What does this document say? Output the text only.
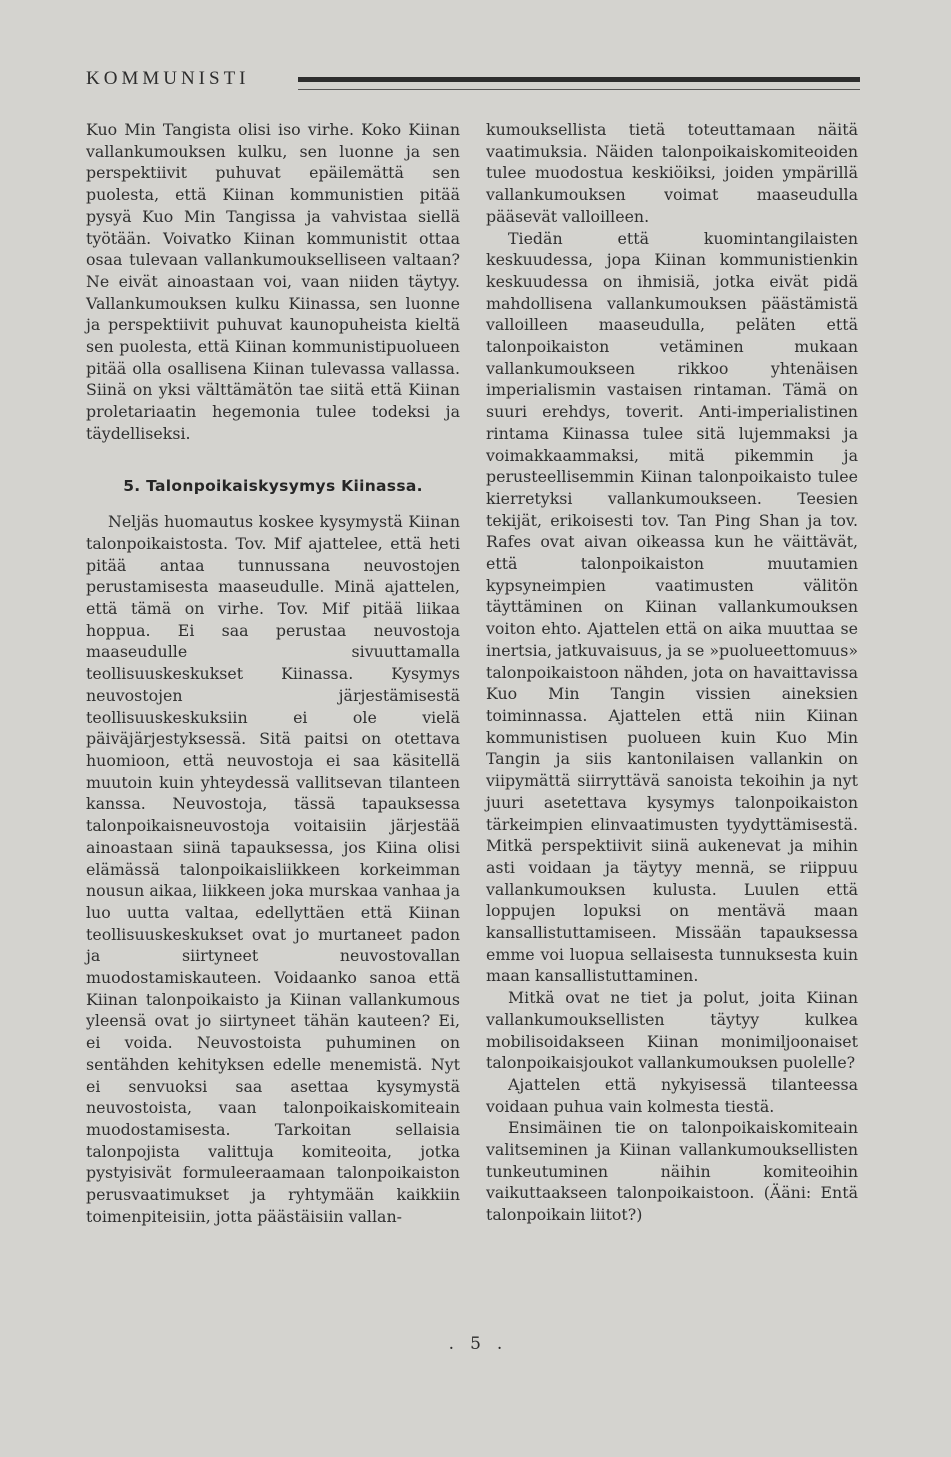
KOMMUNISTI

Kuo Min Tangista olisi iso virhe. Koko Kiinan vallankumouksen kulku, sen luonne ja sen perspektiivit puhuvat epäilemättä sen puolesta, että Kiinan kommunistien pitää pysyä Kuo Min Tangissa ja vahvistaa siellä työtään. Voivatko Kiinan kommunistit ottaa osaa tulevaan vallankumoukselliseen valtaan? Ne eivät ainoastaan voi, vaan niiden täytyy. Vallankumouksen kulku Kiinassa, sen luonne ja perspektiivit puhuvat kaunopuheista kieltä sen puolesta, että Kiinan kommunistipuolueen pitää olla osallisena Kiinan tulevassa vallassa. Siinä on yksi välttämätön tae siitä että Kiinan proletariaatin hegemonia tulee todeksi ja täydelliseksi.

5. Talonpoikaiskysymys Kiinassa.

Neljäs huomautus koskee kysymystä Kiinan talonpoikaistosta. Tov. Mif ajattelee, että heti pitää antaa tunnussana neuvostojen perustamisesta maaseudulle. Minä ajattelen, että tämä on virhe. Tov. Mif pitää liikaa hoppua. Ei saa perustaa neuvostoja maaseudulle sivuuttamalla teollisuuskeskukset Kiinassa. Kysymys neuvostojen järjestämisestä teollisuuskeskuksiin ei ole vielä päiväjärjestyksessä. Sitä paitsi on otettava huomioon, että neuvostoja ei saa käsitellä muutoin kuin yhteydessä vallitsevan tilanteen kanssa. Neuvostoja, tässä tapauksessa talonpoikaisneuvostoja voitaisiin järjestää ainoastaan siinä tapauksessa, jos Kiina olisi elämässä talonpoikaisliikkeen korkeimman nousun aikaa, liikkeen joka murskaa vanhaa ja luo uutta valtaa, edellyttäen että Kiinan teollisuuskeskukset ovat jo murtaneet padon ja siirtyneet neuvostovallan muodostamiskauteen. Voidaanko sanoa että Kiinan talonpoikaisto ja Kiinan vallankumous yleensä ovat jo siirtyneet tähän kauteen? Ei, ei voida. Neuvostoista puhuminen on sentähden kehityksen edelle menemistä. Nyt ei senvuoksi saa asettaa kysymystä neuvostoista, vaan talonpoikaiskomiteain muodostamisesta. Tarkoitan sellaisia talonpojista valittuja komiteoita, jotka pystyisivät formuleeraamaan talonpoikaiston perusvaatimukset ja ryhtymään kaikkiin toimenpiteisiin, jotta päästäisiin vallan-

kumouksellista tietä toteuttamaan näitä vaatimuksia. Näiden talonpoikaiskomiteoiden tulee muodostua keskiöiksi, joiden ympärillä vallankumouksen voimat maaseudulla pääsevät valloilleen.

Tiedän että kuomintangilaisten keskuudessa, jopa Kiinan kommunistienkin keskuudessa on ihmisiä, jotka eivät pidä mahdollisena vallankumouksen päästämistä valloilleen maaseudulla, peläten että talonpoikaiston vetäminen mukaan vallankumoukseen rikkoo yhtenäisen imperialismin vastaisen rintaman. Tämä on suuri erehdys, toverit. Anti-imperialistinen rintama Kiinassa tulee sitä lujemmaksi ja voimakkaammaksi, mitä pikemmin ja perusteellisemmin Kiinan talonpoikaisto tulee kierretyksi vallankumoukseen. Teesien tekijät, erikoisesti tov. Tan Ping Shan ja tov. Rafes ovat aivan oikeassa kun he väittävät, että talonpoikaiston muutamien kypsyneimpien vaatimusten välitön täyttäminen on Kiinan vallankumouksen voiton ehto. Ajattelen että on aika muuttaa se inertsia, jatkuvaisuus, ja se »puolueettomuus» talonpoikaistoon nähden, jota on havaittavissa Kuo Min Tangin vissien aineksien toiminnassa. Ajattelen että niin Kiinan kommunistisen puolueen kuin Kuo Min Tangin ja siis kantonilaisen vallankin on viipymättä siirryttävä sanoista tekoihin ja nyt juuri asetettava kysymys talonpoikaiston tärkeimpien elinvaatimusten tyydyttämisestä. Mitkä perspektiivit siinä aukenevat ja mihin asti voidaan ja täytyy mennä, se riippuu vallankumouksen kulusta. Luulen että loppujen lopuksi on mentävä maan kansallistuttamiseen. Missään tapauksessa emme voi luopua sellaisesta tunnuksesta kuin maan kansallistuttaminen.

Mitkä ovat ne tiet ja polut, joita Kiinan vallankumouksellisten täytyy kulkea mobilisoidakseen Kiinan monimiljoonaiset talonpoikaisjoukot vallankumouksen puolelle?

Ajattelen että nykyisessä tilanteessa voidaan puhua vain kolmesta tiestä.

Ensimäinen tie on talonpoikaiskomiteain valitseminen ja Kiinan vallankumouksellisten tunkeutuminen näihin komiteoihin vaikuttaakseen talonpoikaistoon. (Ääni: Entä talonpoikain liitot?)

. 5 .
